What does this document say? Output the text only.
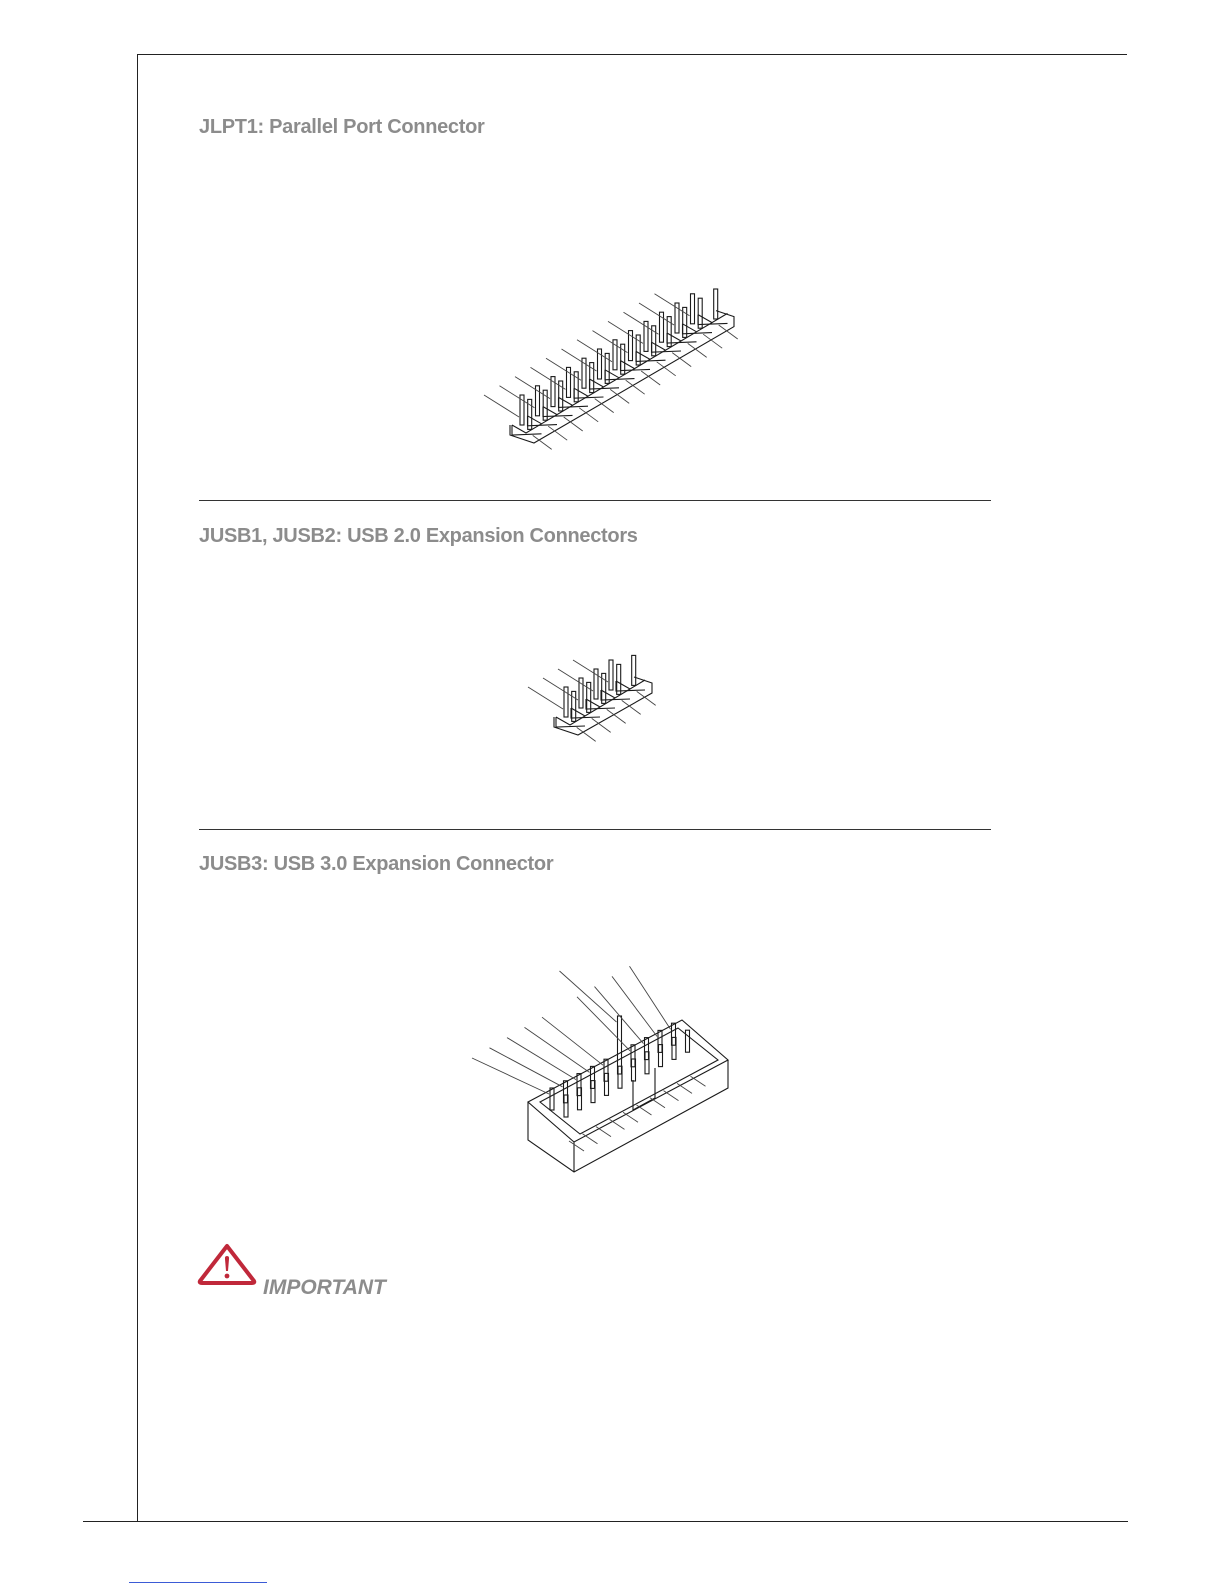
JLPT1: Parallel Port Connector
JUSB1, JUSB2: USB 2.0 Expansion Connectors
JUSB3: USB 3.0 Expansion Connector

IMPORTANT
